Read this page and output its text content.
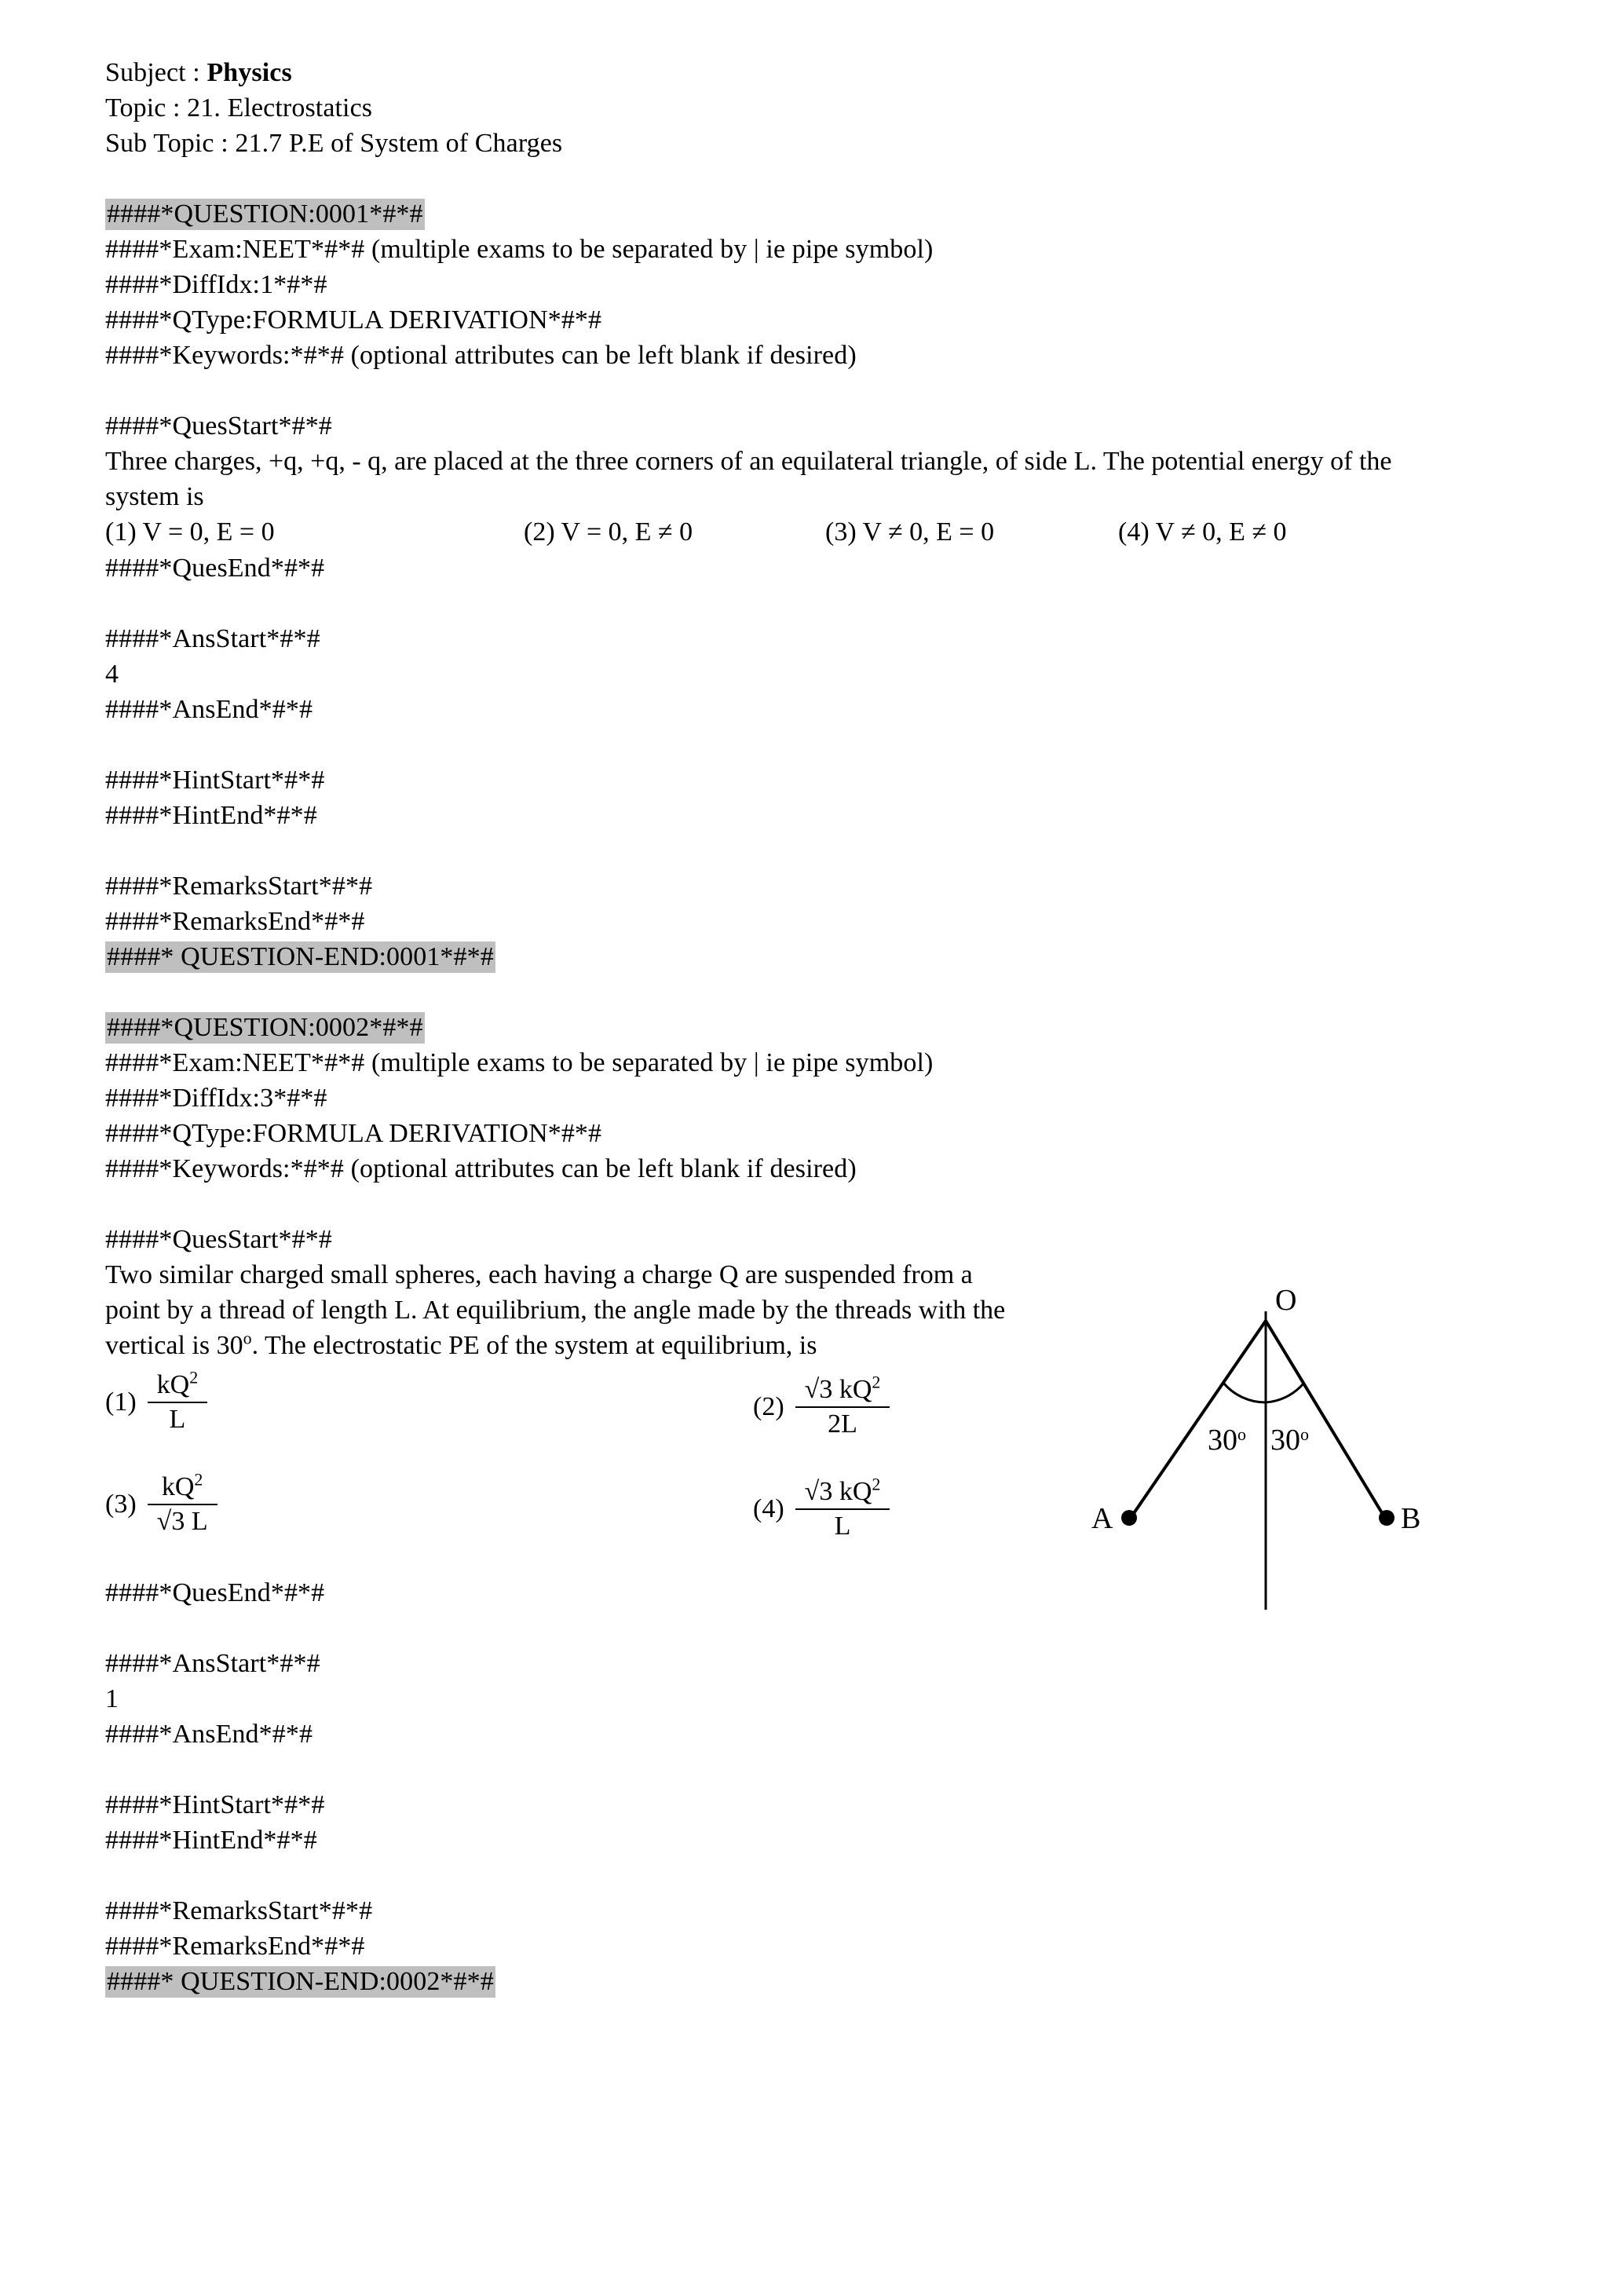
Subject : Physics
Topic : 21. Electrostatics
Sub Topic : 21.7 P.E of System of Charges

####*QUESTION:0001*#*#
####*Exam:NEET*#*# (multiple exams to be separated by | ie pipe symbol)
####*DiffIdx:1*#*#
####*QType:FORMULA DERIVATION*#*#
####*Keywords:*#*# (optional attributes can be left blank if desired)

####*QuesStart*#*#
Three charges, +q, +q, - q, are placed at the three corners of an equilateral triangle, of side L. The potential energy of the system is
(1) V = 0, E = 0	(2) V = 0, E ≠ 0	(3) V ≠ 0, E = 0	(4) V ≠ 0, E ≠ 0
####*QuesEnd*#*#

####*AnsStart*#*#
4
####*AnsEnd*#*#

####*HintStart*#*#
####*HintEnd*#*#

####*RemarksStart*#*#
####*RemarksEnd*#*#
####* QUESTION-END:0001*#*#

####*QUESTION:0002*#*#
####*Exam:NEET*#*# (multiple exams to be separated by | ie pipe symbol)
####*DiffIdx:3*#*#
####*QType:FORMULA DERIVATION*#*#
####*Keywords:*#*# (optional attributes can be left blank if desired)

####*QuesStart*#*#
Two similar charged small spheres, each having a charge Q are suspended from a point by a thread of length L. At equilibrium, the angle made by the threads with the vertical is 30$^o$. The electrostatic PE of the system at equilibrium, is
$(1) \frac{kQ^2}{L}$	$(2) \frac{√3 kQ^2}{2L}$
$(3) \frac{kQ^2}{√3 L}$	$(4) \frac{√3 kQ^2}{L}$
####*QuesEnd*#*#

####*AnsStart*#*#
1
####*AnsEnd*#*#

####*HintStart*#*#
####*HintEnd*#*#

####*RemarksStart*#*#
####*RemarksEnd*#*#
####* QUESTION-END:0002*#*#
O
A	B
30$^o$ 30$^o$
